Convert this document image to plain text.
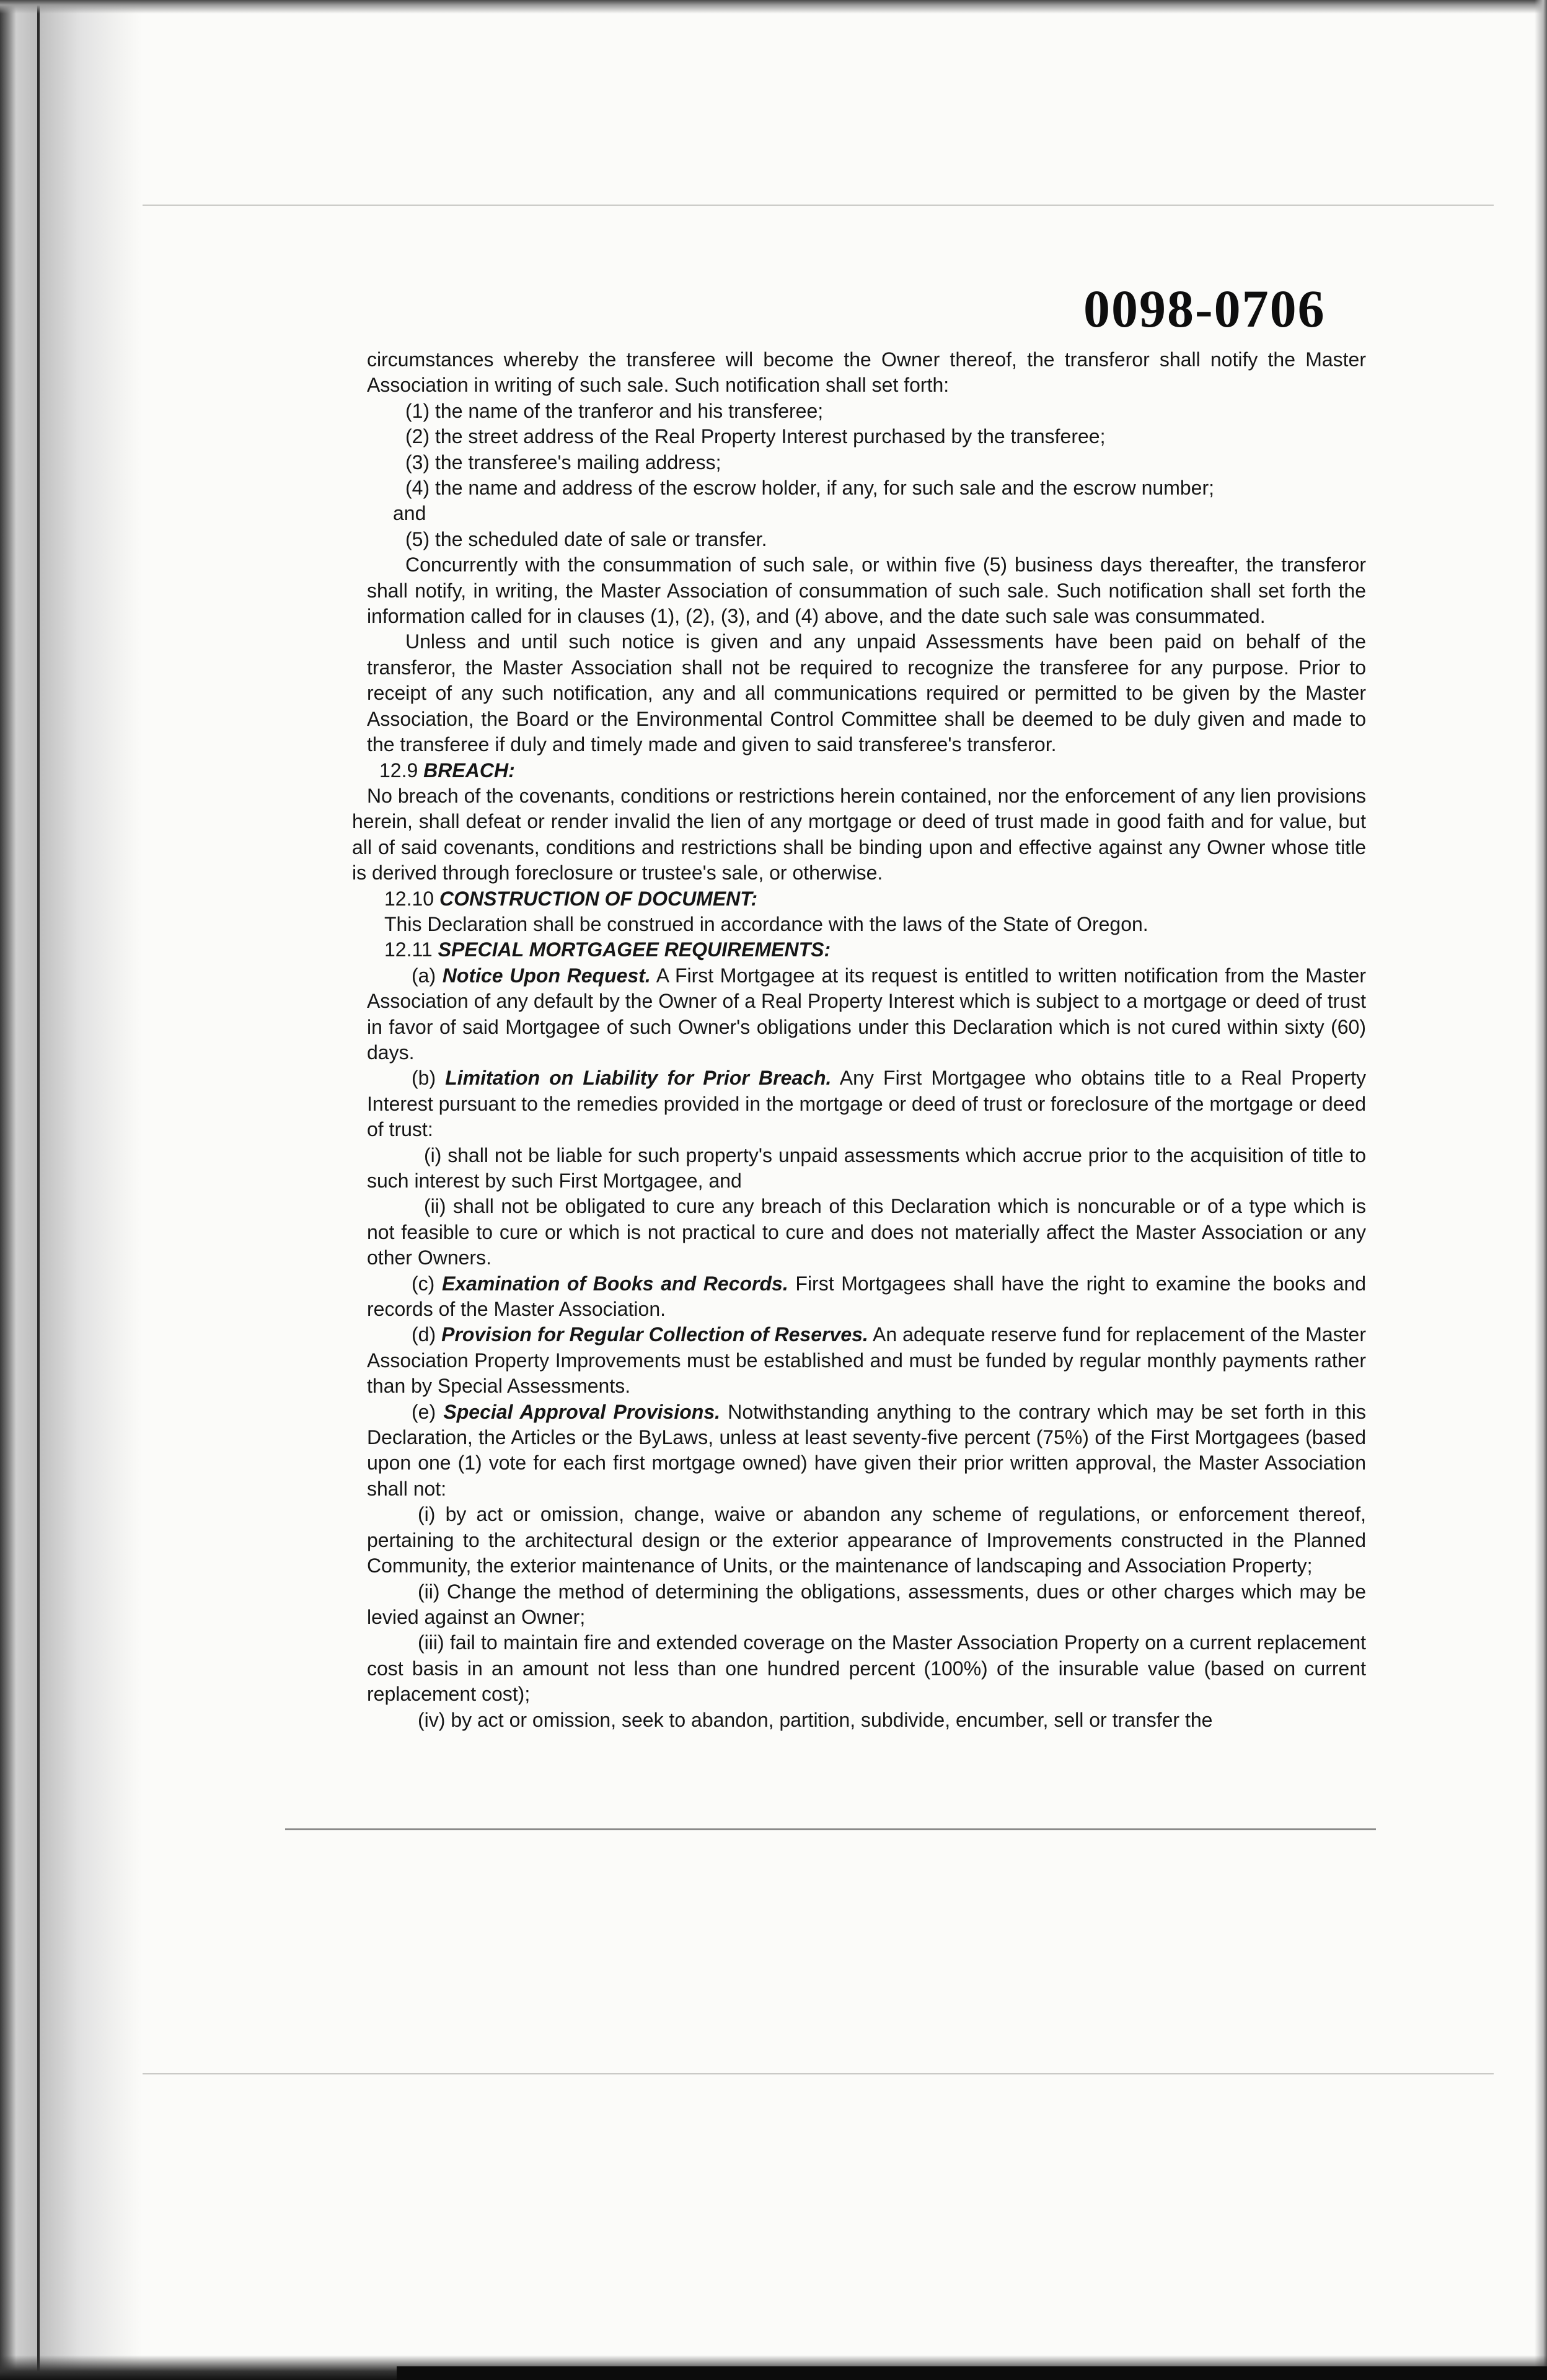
0098-0706

circumstances whereby the transferee will become the Owner thereof, the transferor shall notify the Master Association in writing of such sale. Such notification shall set forth:

(1) the name of the tranferor and his transferee;

(2) the street address of the Real Property Interest purchased by the transferee;

(3) the transferee's mailing address;

(4) the name and address of the escrow holder, if any, for such sale and the escrow number;

and

(5) the scheduled date of sale or transfer.

Concurrently with the consummation of such sale, or within five (5) business days thereafter, the transferor shall notify, in writing, the Master Association of consummation of such sale. Such notification shall set forth the information called for in clauses (1), (2), (3), and (4) above, and the date such sale was consummated.

Unless and until such notice is given and any unpaid Assessments have been paid on behalf of the transferor, the Master Association shall not be required to recognize the transferee for any purpose. Prior to receipt of any such notification, any and all communications required or permitted to be given by the Master Association, the Board or the Environmental Control Committee shall be deemed to be duly given and made to the transferee if duly and timely made and given to said transferee's transferor.

12.9 BREACH:

No breach of the covenants, conditions or restrictions herein contained, nor the enforcement of any lien provisions herein, shall defeat or render invalid the lien of any mortgage or deed of trust made in good faith and for value, but all of said covenants, conditions and restrictions shall be binding upon and effective against any Owner whose title is derived through foreclosure or trustee's sale, or otherwise.

12.10 CONSTRUCTION OF DOCUMENT:

This Declaration shall be construed in accordance with the laws of the State of Oregon.

12.11 SPECIAL MORTGAGEE REQUIREMENTS:

(a) Notice Upon Request. A First Mortgagee at its request is entitled to written notification from the Master Association of any default by the Owner of a Real Property Interest which is subject to a mortgage or deed of trust in favor of said Mortgagee of such Owner's obligations under this Declaration which is not cured within sixty (60) days.

(b) Limitation on Liability for Prior Breach. Any First Mortgagee who obtains title to a Real Property Interest pursuant to the remedies provided in the mortgage or deed of trust or foreclosure of the mortgage or deed of trust:

(i) shall not be liable for such property's unpaid assessments which accrue prior to the acquisition of title to such interest by such First Mortgagee, and

(ii) shall not be obligated to cure any breach of this Declaration which is noncurable or of a type which is not feasible to cure or which is not practical to cure and does not materially affect the Master Association or any other Owners.

(c) Examination of Books and Records. First Mortgagees shall have the right to examine the books and records of the Master Association.

(d) Provision for Regular Collection of Reserves. An adequate reserve fund for replacement of the Master Association Property Improvements must be established and must be funded by regular monthly payments rather than by Special Assessments.

(e) Special Approval Provisions. Notwithstanding anything to the contrary which may be set forth in this Declaration, the Articles or the ByLaws, unless at least seventy-five percent (75%) of the First Mortgagees (based upon one (1) vote for each first mortgage owned) have given their prior written approval, the Master Association shall not:

(i) by act or omission, change, waive or abandon any scheme of regulations, or enforcement thereof, pertaining to the architectural design or the exterior appearance of Improvements constructed in the Planned Community, the exterior maintenance of Units, or the maintenance of landscaping and Association Property;

(ii) Change the method of determining the obligations, assessments, dues or other charges which may be levied against an Owner;

(iii) fail to maintain fire and extended coverage on the Master Association Property on a current replacement cost basis in an amount not less than one hundred percent (100%) of the insurable value (based on current replacement cost);

(iv) by act or omission, seek to abandon, partition, subdivide, encumber, sell or transfer the
